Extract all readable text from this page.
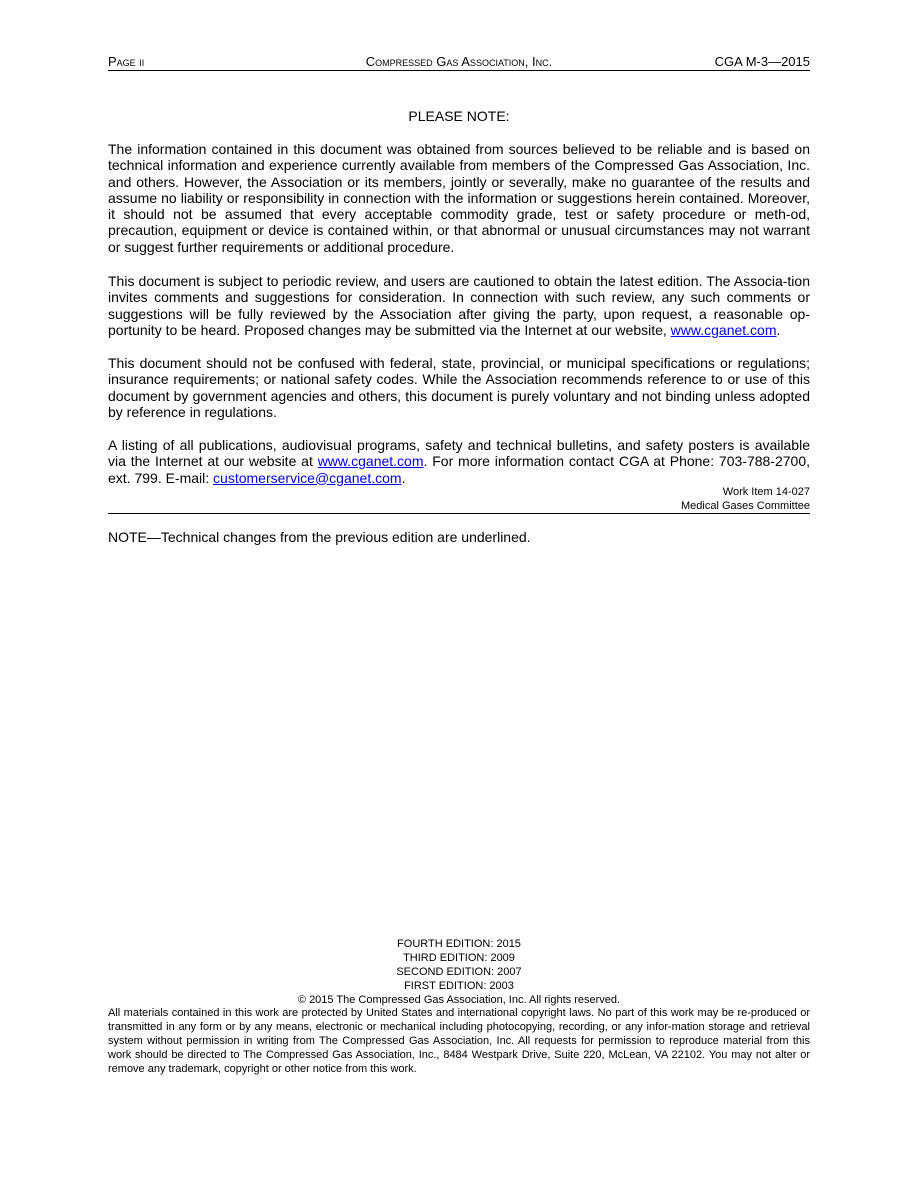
Page ii	Compressed Gas Association, Inc.	CGA M-3—2015
PLEASE NOTE:

The information contained in this document was obtained from sources believed to be reliable and is based on technical information and experience currently available from members of the Compressed Gas Association, Inc. and others. However, the Association or its members, jointly or severally, make no guarantee of the results and assume no liability or responsibility in connection with the information or suggestions herein contained. Moreover, it should not be assumed that every acceptable commodity grade, test or safety procedure or meth-od, precaution, equipment or device is contained within, or that abnormal or unusual circumstances may not warrant or suggest further requirements or additional procedure.

This document is subject to periodic review, and users are cautioned to obtain the latest edition. The Associa-tion invites comments and suggestions for consideration. In connection with such review, any such comments or suggestions will be fully reviewed by the Association after giving the party, upon request, a reasonable op-portunity to be heard. Proposed changes may be submitted via the Internet at our website, www.cganet.com.

This document should not be confused with federal, state, provincial, or municipal specifications or regulations; insurance requirements; or national safety codes. While the Association recommends reference to or use of this document by government agencies and others, this document is purely voluntary and not binding unless adopted by reference in regulations.

A listing of all publications, audiovisual programs, safety and technical bulletins, and safety posters is available via the Internet at our website at www.cganet.com. For more information contact CGA at Phone: 703-788-2700, ext. 799. E-mail: customerservice@cganet.com.

Work Item 14-027
Medical Gases Committee
NOTE—Technical changes from the previous edition are underlined.
FOURTH EDITION: 2015
THIRD EDITION: 2009
SECOND EDITION: 2007
FIRST EDITION: 2003
© 2015 The Compressed Gas Association, Inc. All rights reserved.
All materials contained in this work are protected by United States and international copyright laws. No part of this work may be re-produced or transmitted in any form or by any means, electronic or mechanical including photocopying, recording, or any infor-mation storage and retrieval system without permission in writing from The Compressed Gas Association, Inc. All requests for permission to reproduce material from this work should be directed to The Compressed Gas Association, Inc., 8484 Westpark Drive, Suite 220, McLean, VA 22102. You may not alter or remove any trademark, copyright or other notice from this work.
